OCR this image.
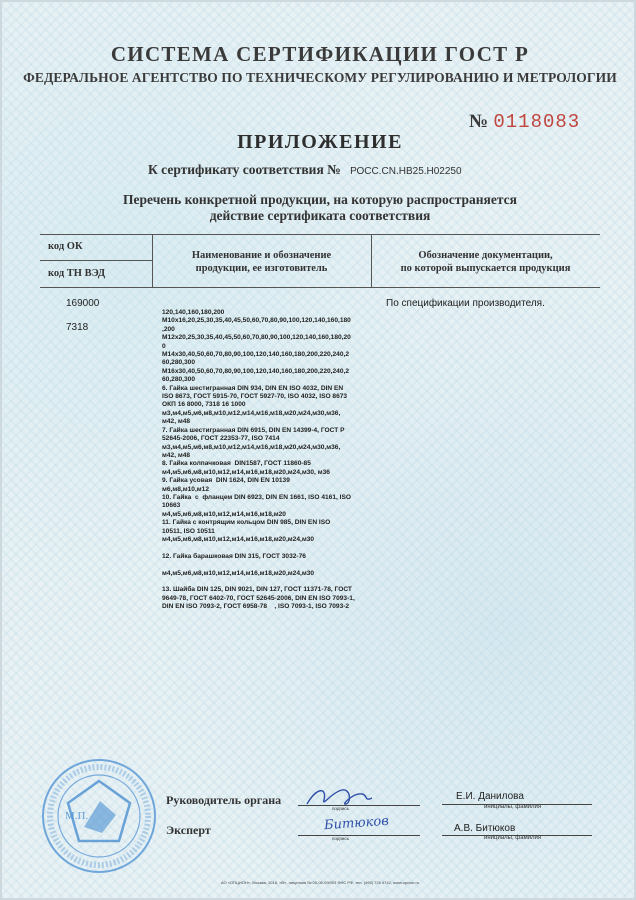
СИСТЕМА СЕРТИФИКАЦИИ ГОСТ Р
ФЕДЕРАЛЬНОЕ АГЕНТСТВО ПО ТЕХНИЧЕСКОМУ РЕГУЛИРОВАНИЮ И МЕТРОЛОГИИ
№ 0118083
ПРИЛОЖЕНИЕ
К сертификату соответствия № РОСС.CN.НВ25.Н02250
Перечень конкретной продукции, на которую распространяется
действие сертификата соответствия
код ОК
код ТН ВЭД
Наименование и обозначение
продукции, ее изготовитель
Обозначение документации,
по которой выпускается продукция
169000
7318
По спецификации производителя.
120,140,160,180,200
M10x16,20,25,30,35,40,45,50,60,70,80,90,100,120,140,160,180
,200
M12x20,25,30,35,40,45,50,60,70,80,90,100,120,140,160,180,20
0
M14x30,40,50,60,70,80,90,100,120,140,160,180,200,220,240,2
60,280,300
M16x30,40,50,60,70,80,90,100,120,140,160,180,200,220,240,2
60,280,300
6. Гайка шестигранная DIN 934, DIN EN ISO 4032, DIN EN
ISO 8673, ГОСТ 5915-70, ГОСТ 5927-70, ISO 4032, ISO 8673
ОКП 16 8000, 7318 16 1000
м3,м4,м5,м6,м8,м10,м12,м14,м16,м18,м20,м24,м30,м36,
м42, м48
7. Гайка шестигранная DIN 6915, DIN EN 14399-4, ГОСТ Р
52645-2006, ГОСТ 22353-77, ISO 7414
м3,м4,м5,м6,м8,м10,м12,м14,м16,м18,м20,м24,м30,м36,
м42, м48
8. Гайка колпачковая  DIN1587, ГОСТ 11860-85
м4,м5,м6,м8,м10,м12,м14,м16,м18,м20,м24,м30, м36
9. Гайка усовая  DIN 1624, DIN EN 10139
м6,м8,м10,м12
10. Гайка  с  фланцем DIN 6923, DIN EN 1661, ISO 4161, ISO
10663
м4,м5,м6,м8,м10,м12,м14,м16,м18,м20
11. Гайка с контрящим кольцом DIN 985, DIN EN ISO
10511, ISO 10511
м4,м5,м6,м8,м10,м12,м14,м16,м18,м20,м24,м30

12. Гайка барашковая DIN 315, ГОСТ 3032-76

м4,м5,м6,м8,м10,м12,м14,м16,м18,м20,м24,м30

13. Шайба DIN 125, DIN 9021, DIN 127, ГОСТ 11371-78, ГОСТ
9649-78, ГОСТ 6402-70, ГОСТ 52645-2006, DIN EN ISO 7093-1,
DIN EN ISO 7093-2, ГОСТ 6958-78    , ISO 7093-1, ISO 7093-2
М.П.
Руководитель органа
подпись
Е.И. Данилова
инициалы, фамилия
Эксперт
подпись
Битюков	А.В. Битюков
инициалы, фамилия
АО «ОПЦИОН», Москва, 2018, «В», лицензия № 05-05-09/003 ФНС РФ, тел. (495) 726 4742, www.opcion.ru
